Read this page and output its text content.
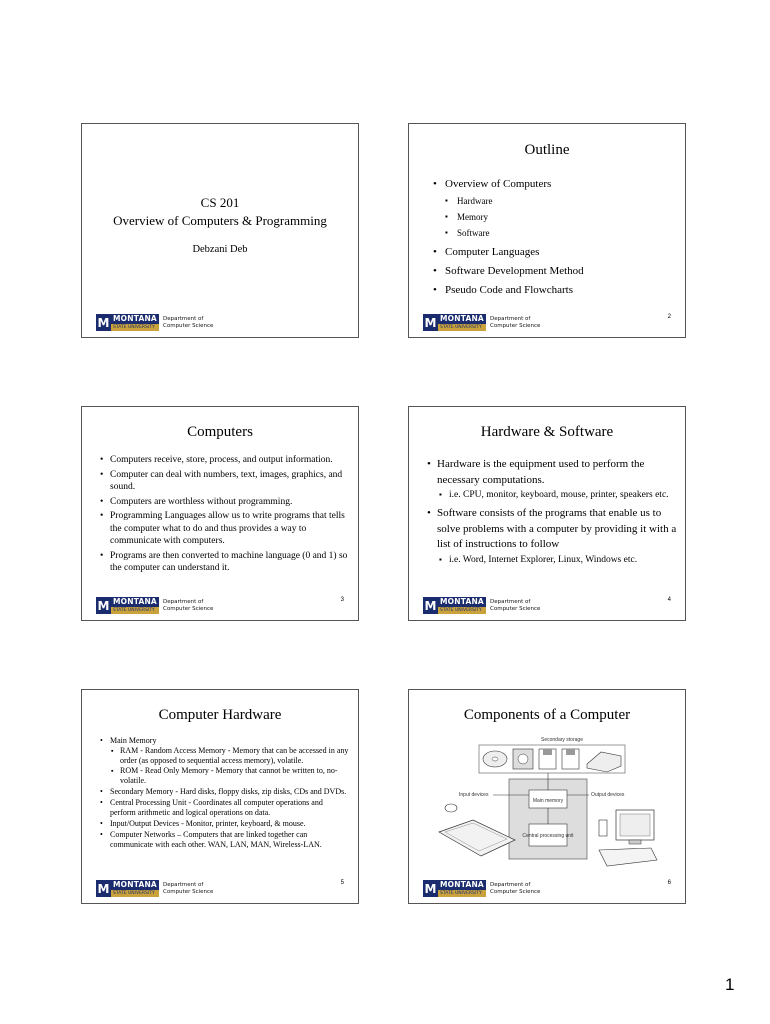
CS 201
Overview of Computers & Programming
Debzani Deb
M MONTANA
STATE UNIVERSITY
Department of
Computer Science
Outline
• Overview of Computers
▪ Hardware
▪ Memory
▪ Software
• Computer Languages
• Software Development Method
• Pseudo Code and Flowcharts
M MONTANA
STATE UNIVERSITY
Department of
Computer Science
2
Computers
• Computers receive, store, process, and output information.
• Computer can deal with numbers, text, images, graphics, and sound.
• Computers are worthless without programming.
• Programming Languages allow us to write programs that tells the computer what to do and thus provides a way to communicate with computers.
• Programs are then converted to machine language (0 and 1) so the computer can understand it.
M MONTANA
STATE UNIVERSITY
Department of
Computer Science
3
Hardware & Software
• Hardware is the equipment used to perform the necessary computations.
▪ i.e. CPU, monitor, keyboard, mouse, printer, speakers etc.
• Software consists of the programs that enable us to solve problems with a computer by providing it with a list of instructions to follow
▪ i.e. Word, Internet Explorer, Linux, Windows etc.
M MONTANA
STATE UNIVERSITY
Department of
Computer Science
4
Computer Hardware
• Main Memory
▪ RAM - Random Access Memory - Memory that can be accessed in any order (as opposed to sequential access memory), volatile.
▪ ROM - Read Only Memory - Memory that cannot be written to, no-volatile.
• Secondary Memory - Hard disks, floppy disks, zip disks, CDs and DVDs.
• Central Processing Unit - Coordinates all computer operations and perform arithmetic and logical operations on data.
• Input/Output Devices - Monitor, printer, keyboard, & mouse.
• Computer Networks – Computers that are linked together can communicate with each other. WAN, LAN, MAN, Wireless-LAN.
M MONTANA
STATE UNIVERSITY
Department of
Computer Science
5
Components of a Computer
Secondary storage
Main memory
Central processing unit
Input devices	Output devices
M MONTANA
STATE UNIVERSITY
Department of
Computer Science
6
1
